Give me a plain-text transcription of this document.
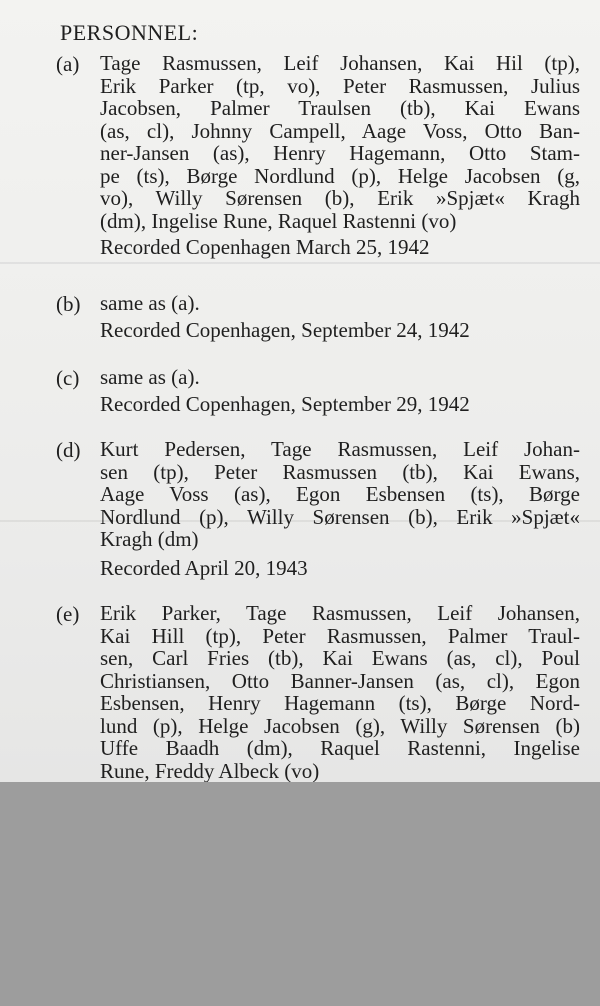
PERSONNEL:
(a) Tage Rasmussen, Leif Johansen, Kai Hil (tp),
Erik Parker (tp, vo), Peter Rasmussen, Julius
Jacobsen, Palmer Traulsen (tb), Kai Ewans
(as, cl), Johnny Campell, Aage Voss, Otto Ban-
ner-Jansen (as), Henry Hagemann, Otto Stam-
pe (ts), Børge Nordlund (p), Helge Jacobsen (g,
vo), Willy Sørensen (b), Erik »Spjæt« Kragh
(dm), Ingelise Rune, Raquel Rastenni (vo)
Recorded Copenhagen March 25, 1942
(b) same as (a).
Recorded Copenhagen, September 24, 1942
(c) same as (a).
Recorded Copenhagen, September 29, 1942
(d) Kurt Pedersen, Tage Rasmussen, Leif Johan-
sen (tp), Peter Rasmussen (tb), Kai Ewans,
Aage Voss (as), Egon Esbensen (ts), Børge
Nordlund (p), Willy Sørensen (b), Erik »Spjæt«
Kragh (dm)
Recorded April 20, 1943
(e) Erik Parker, Tage Rasmussen, Leif Johansen,
Kai Hill (tp), Peter Rasmussen, Palmer Traul-
sen, Carl Fries (tb), Kai Ewans (as, cl), Poul
Christiansen, Otto Banner-Jansen (as, cl), Egon
Esbensen, Henry Hagemann (ts), Børge Nord-
lund (p), Helge Jacobsen (g), Willy Sørensen (b)
Uffe Baadh (dm), Raquel Rastenni, Ingelise
Rune, Freddy Albeck (vo)
